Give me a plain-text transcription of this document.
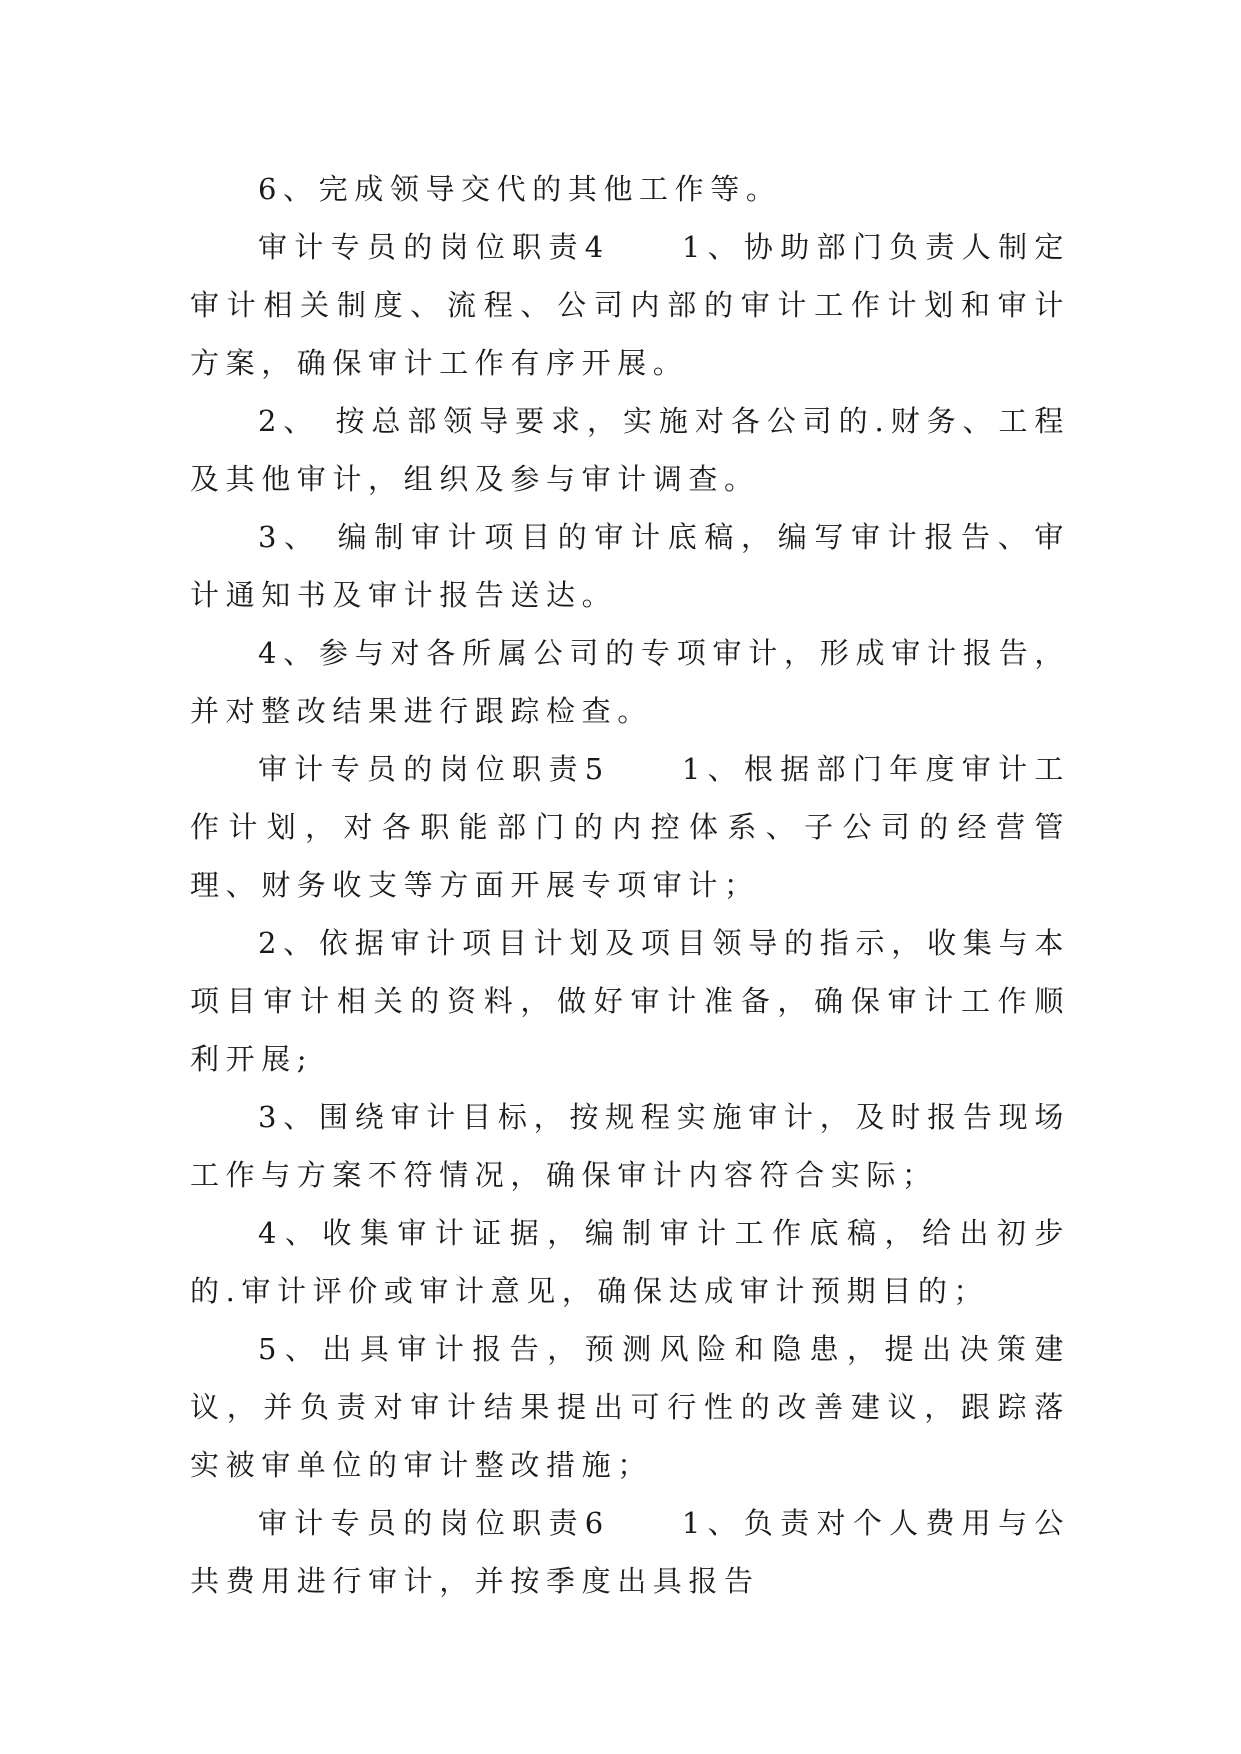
6、完成领导交代的其他工作等。

审计专员的岗位职责4 1、协助部门负责人制定审计相关制度、流程、公司内部的审计工作计划和审计方案，确保审计工作有序开展。

2、 按总部领导要求，实施对各公司的.财务、工程及其他审计，组织及参与审计调查。

3、 编制审计项目的审计底稿，编写审计报告、审计通知书及审计报告送达。

4、参与对各所属公司的专项审计，形成审计报告，并对整改结果进行跟踪检查。

审计专员的岗位职责5 1、根据部门年度审计工作计划，对各职能部门的内控体系、子公司的经营管理、财务收支等方面开展专项审计；

2、依据审计项目计划及项目领导的指示，收集与本项目审计相关的资料，做好审计准备，确保审计工作顺利开展;

3、围绕审计目标，按规程实施审计，及时报告现场工作与方案不符情况，确保审计内容符合实际；

4、收集审计证据，编制审计工作底稿，给出初步的.审计评价或审计意见，确保达成审计预期目的；

5、出具审计报告，预测风险和隐患，提出决策建议，并负责对审计结果提出可行性的改善建议，跟踪落实被审单位的审计整改措施；

审计专员的岗位职责6 1、负责对个人费用与公共费用进行审计，并按季度出具报告
